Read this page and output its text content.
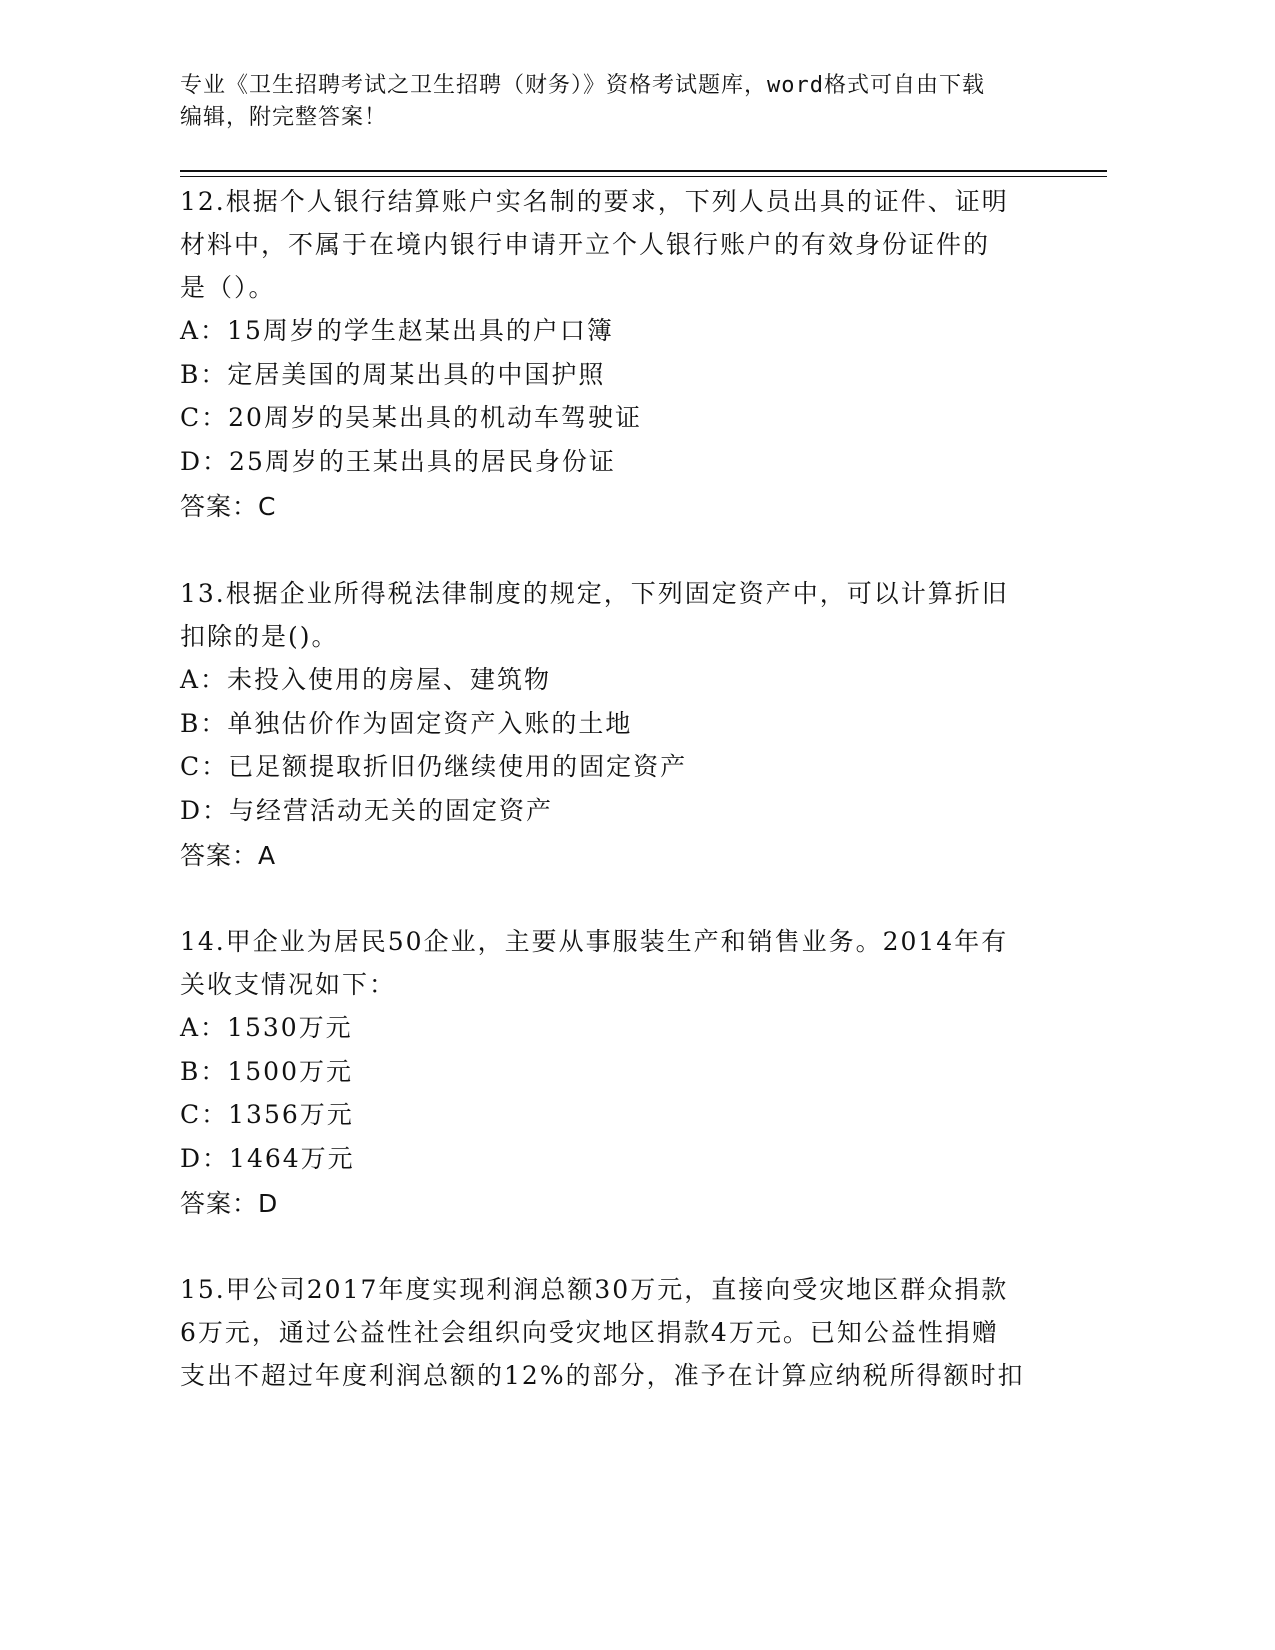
专业《卫生招聘考试之卫生招聘（财务）》资格考试题库，word格式可自由下载
编辑，附完整答案！

12.根据个人银行结算账户实名制的要求，下列人员出具的证件、证明

材料中，不属于在境内银行申请开立个人银行账户的有效身份证件的

是（）。

A：15周岁的学生赵某出具的户口簿

B：定居美国的周某出具的中国护照

C：20周岁的吴某出具的机动车驾驶证

D：25周岁的王某出具的居民身份证

答案：C

13.根据企业所得税法律制度的规定，下列固定资产中，可以计算折旧

扣除的是()。

A：未投入使用的房屋、建筑物

B：单独估价作为固定资产入账的土地

C：已足额提取折旧仍继续使用的固定资产

D：与经营活动无关的固定资产

答案：A

14.甲企业为居民50企业，主要从事服装生产和销售业务。2014年有

关收支情况如下：

A：1530万元

B：1500万元

C：1356万元

D：1464万元

答案：D

15.甲公司2017年度实现利润总额30万元，直接向受灾地区群众捐款

6万元，通过公益性社会组织向受灾地区捐款4万元。已知公益性捐赠

支出不超过年度利润总额的12%的部分，准予在计算应纳税所得额时扣
